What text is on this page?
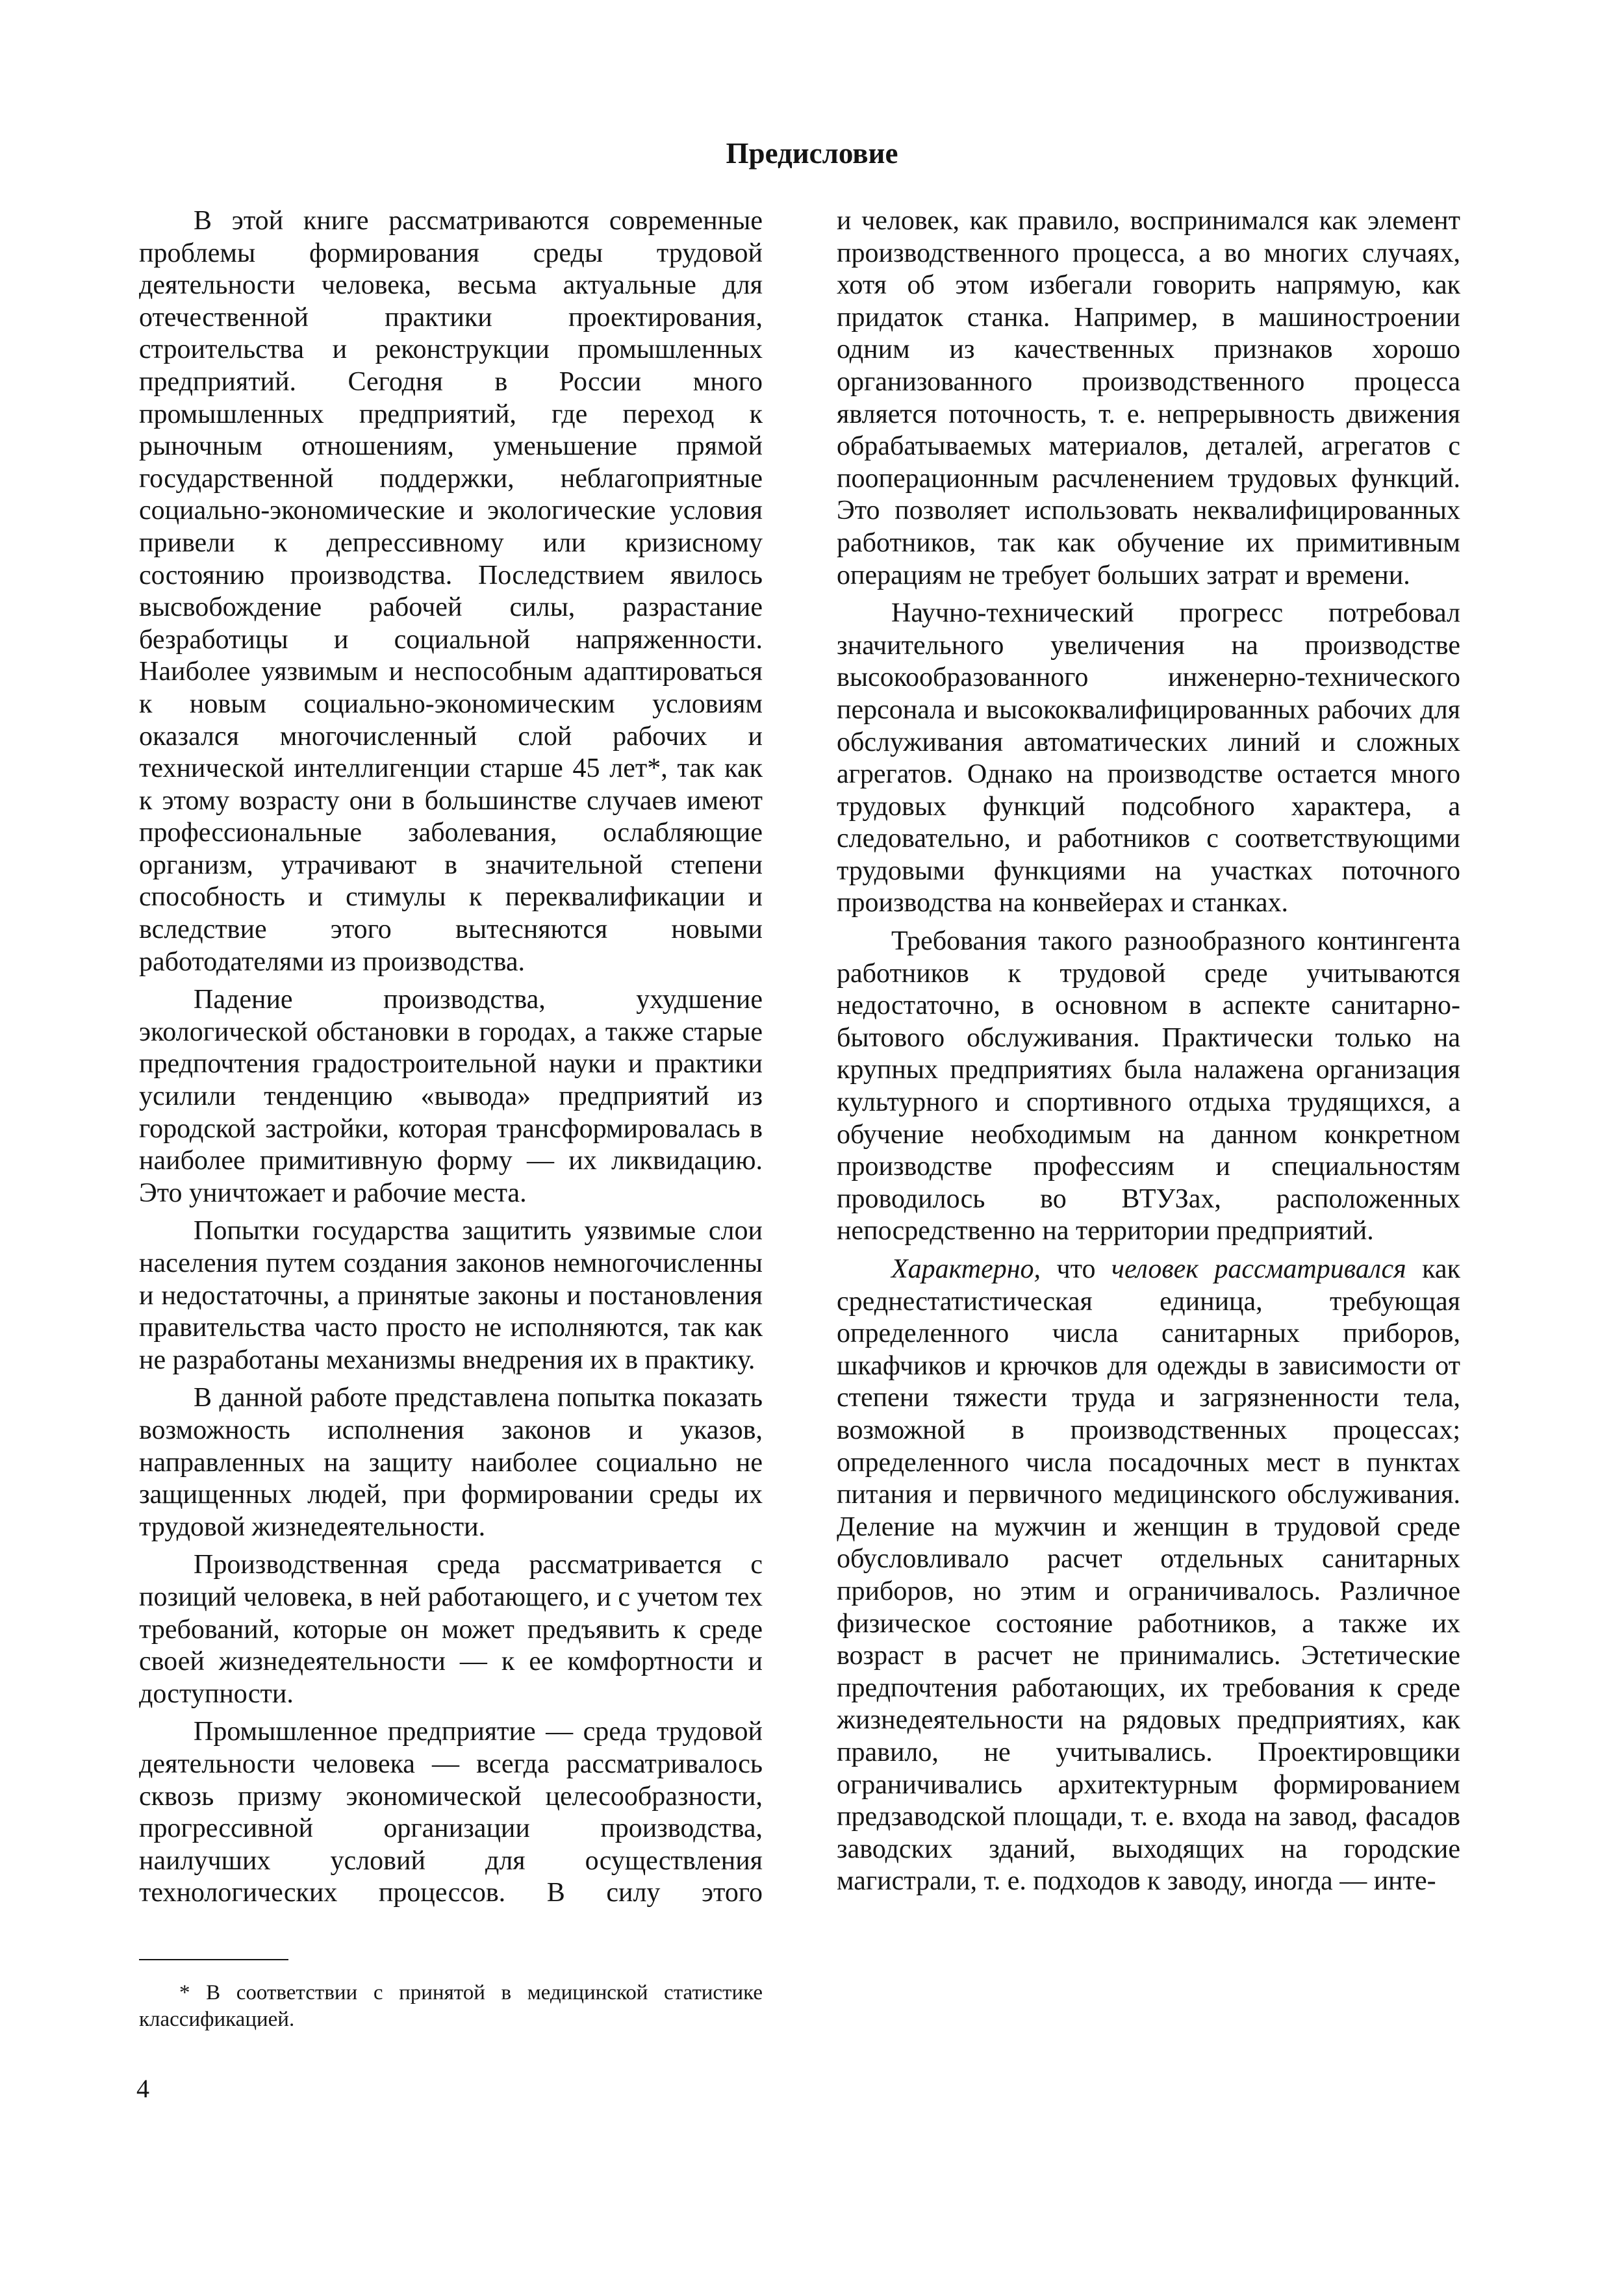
Предисловие

В этой книге рассматриваются современные проблемы формирования среды трудовой деятельности человека, весьма актуальные для отечественной практики проектирования, строительства и реконструкции промышленных предприятий. Сегодня в России много промышленных предприятий, где переход к рыночным отношениям, уменьшение прямой государственной поддержки, неблагоприятные социально-экономические и экологические условия привели к депрессивному или кризисному состоянию производства. Последствием явилось высвобождение рабочей силы, разрастание безработицы и социальной напряженности. Наиболее уязвимым и неспособным адаптироваться к новым социально-экономическим условиям оказался многочисленный слой рабочих и технической интеллигенции старше 45 лет*, так как к этому возрасту они в большинстве случаев имеют профессиональные заболевания, ослабляющие организм, утрачивают в значительной степени способность и стимулы к переквалификации и вследствие этого вытесняются новыми работодателями из производства.

Падение производства, ухудшение экологической обстановки в городах, а также старые предпочтения градостроительной науки и практики усилили тенденцию «вывода» предприятий из городской застройки, которая трансформировалась в наиболее примитивную форму — их ликвидацию. Это уничтожает и рабочие места.

Попытки государства защитить уязвимые слои населения путем создания законов немногочисленны и недостаточны, а принятые законы и постановления правительства часто просто не исполняются, так как не разработаны механизмы внедрения их в практику.

В данной работе представлена попытка показать возможность исполнения законов и указов, направленных на защиту наиболее социально не защищенных людей, при формировании среды их трудовой жизнедеятельности.

Производственная среда рассматривается с позиций человека, в ней работающего, и с учетом тех требований, которые он может предъявить к среде своей жизнедеятельности — к ее комфортности и доступности.

Промышленное предприятие — среда трудовой деятельности человека — всегда рассматривалось сквозь призму экономической целесообразности, прогрессивной организации производства, наилучших условий для осуществления технологических процессов. В силу этого

и человек, как правило, воспринимался как элемент производственного процесса, а во многих случаях, хотя об этом избегали говорить напрямую, как придаток станка. Например, в машиностроении одним из качественных признаков хорошо организованного производственного процесса является поточность, т. е. непрерывность движения обрабатываемых материалов, деталей, агрегатов с пооперационным расчленением трудовых функций. Это позволяет использовать неквалифицированных работников, так как обучение их примитивным операциям не требует больших затрат и времени.

Научно-технический прогресс потребовал значительного увеличения на производстве высокообразованного инженерно-технического персонала и высококвалифицированных рабочих для обслуживания автоматических линий и сложных агрегатов. Однако на производстве остается много трудовых функций подсобного характера, а следовательно, и работников с соответствующими трудовыми функциями на участках поточного производства на конвейерах и станках.

Требования такого разнообразного контингента работников к трудовой среде учитываются недостаточно, в основном в аспекте санитарно-бытового обслуживания. Практически только на крупных предприятиях была налажена организация культурного и спортивного отдыха трудящихся, а обучение необходимым на данном конкретном производстве профессиям и специальностям проводилось во ВТУЗах, расположенных непосредственно на территории предприятий.

Характерно, что человек рассматривался как среднестатистическая единица, требующая определенного числа санитарных приборов, шкафчиков и крючков для одежды в зависимости от степени тяжести труда и загрязненности тела, возможной в производственных процессах; определенного числа посадочных мест в пунктах питания и первичного медицинского обслуживания. Деление на мужчин и женщин в трудовой среде обусловливало расчет отдельных санитарных приборов, но этим и ограничивалось. Различное физическое состояние работников, а также их возраст в расчет не принимались. Эстетические предпочтения работающих, их требования к среде жизнедеятельности на рядовых предприятиях, как правило, не учитывались. Проектировщики ограничивались архитектурным формированием предзаводской площади, т. е. входа на завод, фасадов заводских зданий, выходящих на городские магистрали, т. е. подходов к заводу, иногда — инте-

* В соответствии с принятой в медицинской статистике классификацией.

4
